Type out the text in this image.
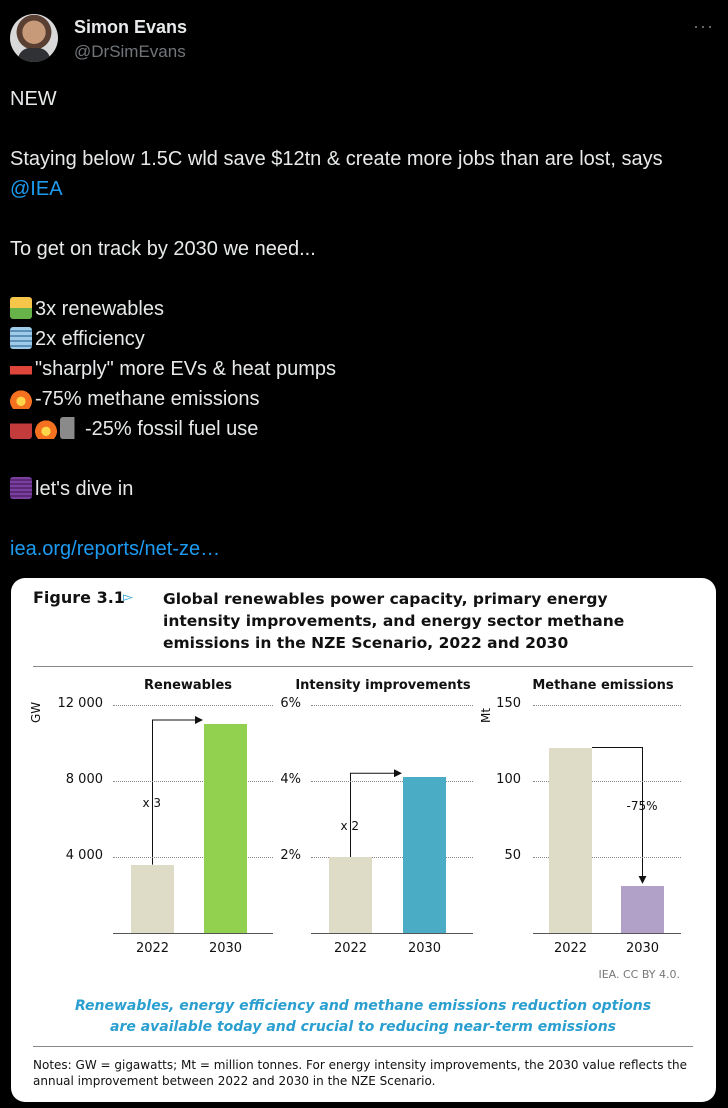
Simon Evans
@DrSimEvans
···
NEW
Staying below 1.5C wld save $12tn & create more jobs than are lost, says
@IEA
To get on track by 2030 we need...
3x renewables
2x efficiency
"sharply" more EVs & heat pumps
-75% methane emissions
-25% fossil fuel use
let's dive in
iea.org/reports/net-ze…
Figure 3.1
▻ Global renewables power capacity, primary energy intensity improvements, and energy sector methane emissions in the NZE Scenario, 2022 and 2030
Renewables
GW
4 000
8 000
12 000
2022	2030
x 3
Intensity improvements
2%
4%
6%
2022	2030
x 2
Methane emissions
Mt
50
100
150
2022	2030
-75%
IEA. CC BY 4.0.
Renewables, energy efficiency and methane emissions reduction options
are available today and crucial to reducing near-term emissions
Notes: GW = gigawatts; Mt = million tonnes. For energy intensity improvements, the 2030 value reflects the annual improvement between 2022 and 2030 in the NZE Scenario.
